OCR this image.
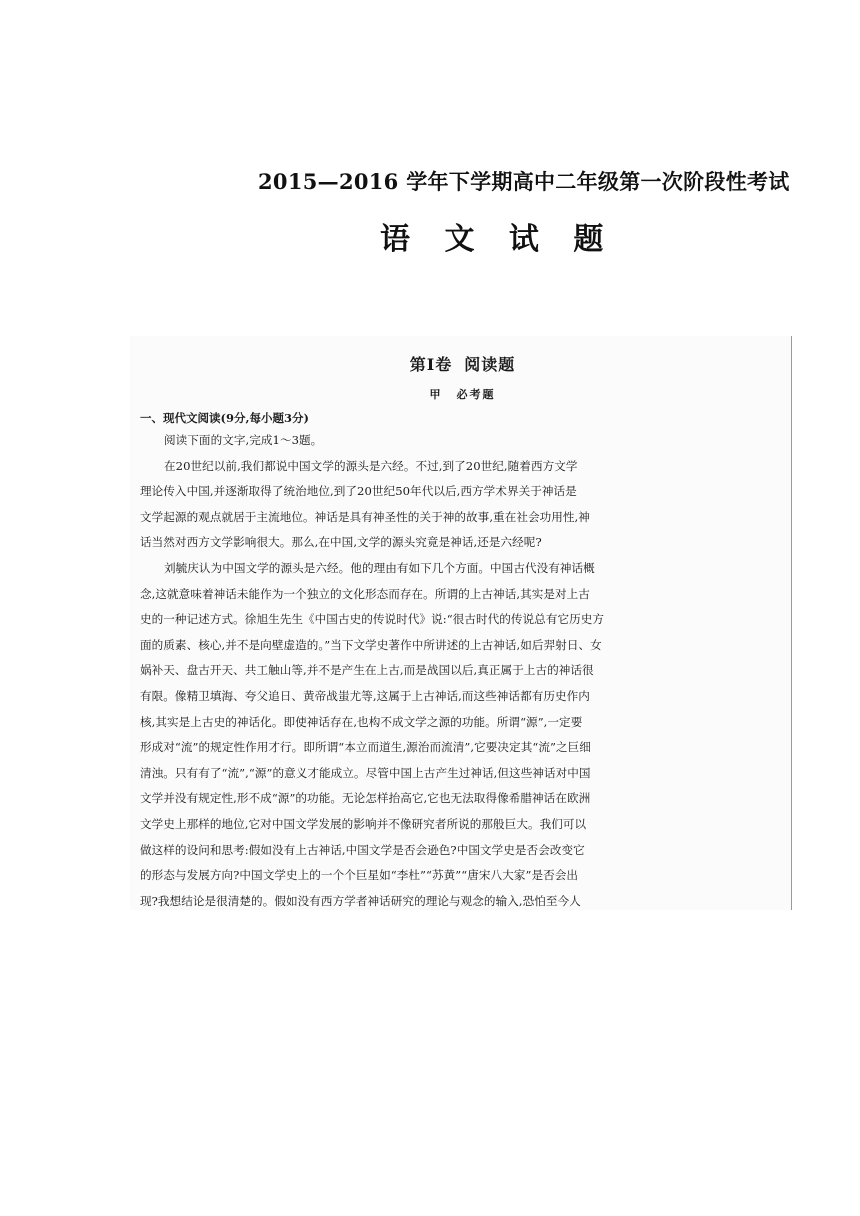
2015—2016 学年下学期高中二年级第一次阶段性考试
语 文 试 题
第Ⅰ卷 阅读题
甲 必考题
一、现代文阅读(9分,每小题3分)
阅读下面的文字,完成1～3题。
在20世纪以前,我们都说中国文学的源头是六经。不过,到了20世纪,随着西方文学
理论传入中国,并逐渐取得了统治地位,到了20世纪50年代以后,西方学术界关于神话是
文学起源的观点就居于主流地位。神话是具有神圣性的关于神的故事,重在社会功用性,神
话当然对西方文学影响很大。那么,在中国,文学的源头究竟是神话,还是六经呢?
刘毓庆认为中国文学的源头是六经。他的理由有如下几个方面。中国古代没有神话概
念,这就意味着神话未能作为一个独立的文化形态而存在。所谓的上古神话,其实是对上古
史的一种记述方式。徐旭生先生《中国古史的传说时代》说:“很古时代的传说总有它历史方
面的质素、核心,并不是向壁虚造的。”当下文学史著作中所讲述的上古神话,如后羿射日、女
娲补天、盘古开天、共工触山等,并不是产生在上古,而是战国以后,真正属于上古的神话很
有限。像精卫填海、夸父追日、黄帝战蚩尤等,这属于上古神话,而这些神话都有历史作内
核,其实是上古史的神话化。即使神话存在,也构不成文学之源的功能。所谓“源”,一定要
形成对“流”的规定性作用才行。即所谓“本立而道生,源治而流清”,它要决定其“流”之巨细
清浊。只有有了“流”,“源”的意义才能成立。尽管中国上古产生过神话,但这些神话对中国
文学并没有规定性,形不成“源”的功能。无论怎样抬高它,它也无法取得像希腊神话在欧洲
文学史上那样的地位,它对中国文学发展的影响并不像研究者所说的那般巨大。我们可以
做这样的设问和思考:假如没有上古神话,中国文学是否会逊色?中国文学史是否会改变它
的形态与发展方向?中国文学史上的一个个巨星如“李杜”“苏黄”“唐宋八大家”是否会出
现?我想结论是很清楚的。假如没有西方学者神话研究的理论与观念的输入,恐怕至今人
